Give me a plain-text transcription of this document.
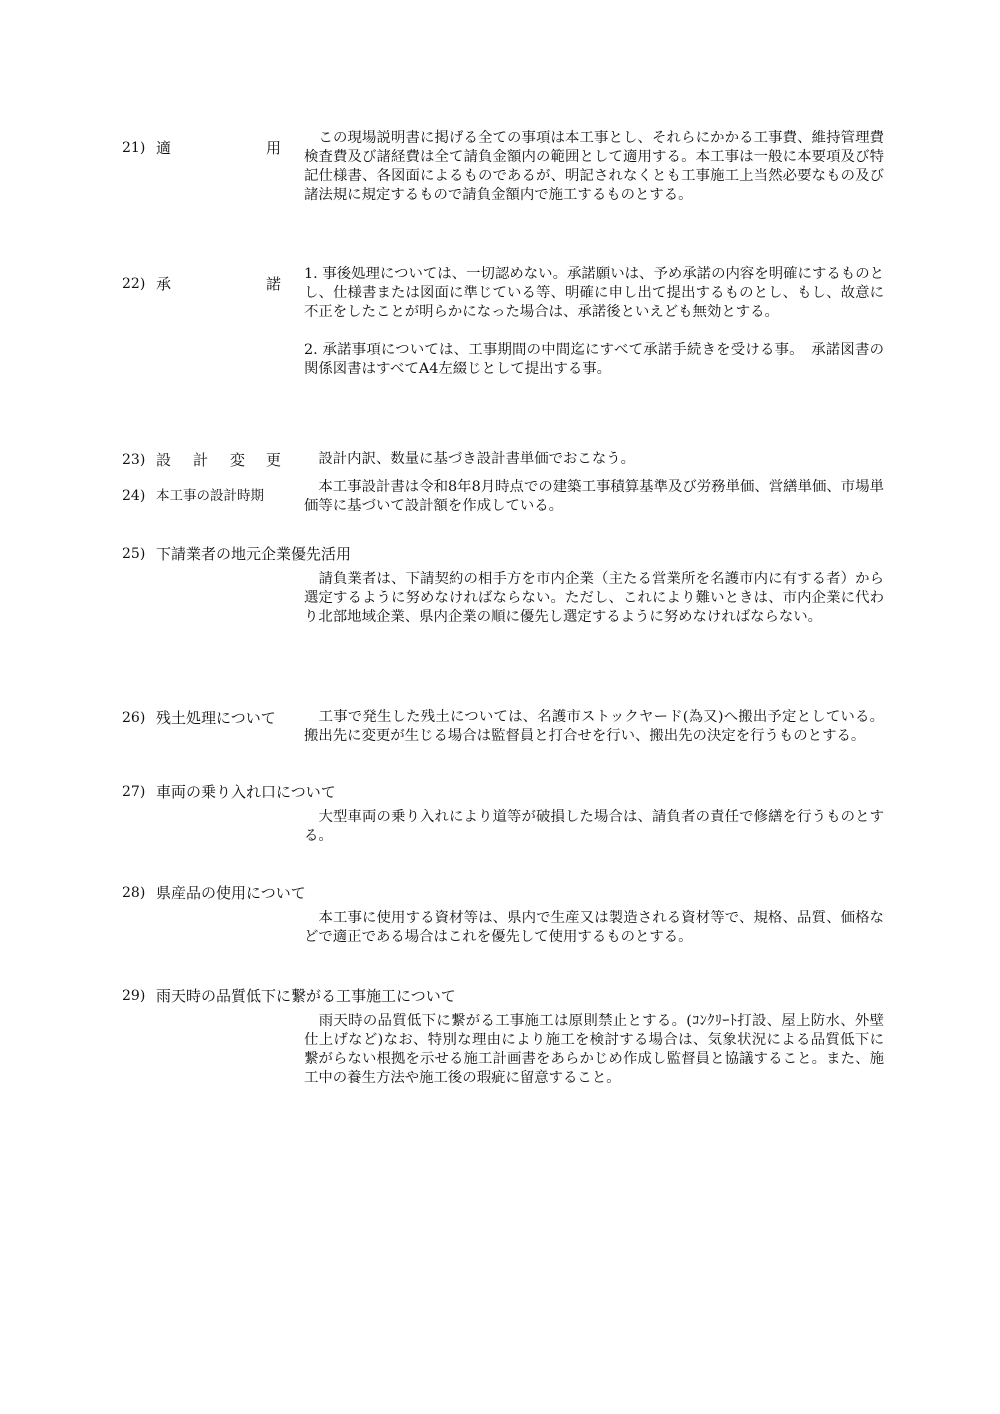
21) 適	用

　この現場説明書に掲げる全ての事項は本工事とし、それらにかかる工事費、維持管理費検査費及び諸経費は全て請負金額内の範囲として適用する。本工事は一般に本要項及び特記仕様書、各図面によるものであるが、明記されなくとも工事施工上当然必要なもの及び諸法規に規定するもので請負金額内で施工するものとする。

22) 承	諾

1. 事後処理については、一切認めない。承諾願いは、予め承諾の内容を明確にするものとし、仕様書または図面に準じている等、明確に申し出て提出するものとし、もし、故意に不正をしたことが明らかになった場合は、承諾後といえども無効とする。

2. 承諾事項については、工事期間の中間迄にすべて承諾手続きを受ける事。　承諾図書の関係図書はすべてA4左綴じとして提出する事。

23) 設 計 変 更 　設計内訳、数量に基づき設計書単価でおこなう。

24) 本工事の設計時期

　本工事設計書は令和8年8月時点での建築工事積算基準及び労務単価、営繕単価、市場単価等に基づいて設計額を作成している。

25) 下請業者の地元企業優先活用

　請負業者は、下請契約の相手方を市内企業（主たる営業所を名護市内に有する者）から選定するように努めなければならない。ただし、これにより難いときは、市内企業に代わり北部地域企業、県内企業の順に優先し選定するように努めなければならない。

26) 残土処理について 　工事で発生した残土については、名護市ストックヤード(為又)へ搬出予定としている。搬出先に変更が生じる場合は監督員と打合せを行い、搬出先の決定を行うものとする。

27) 車両の乗り入れ口について

　大型車両の乗り入れにより道等が破損した場合は、請負者の責任で修繕を行うものとする。

28) 県産品の使用について

　本工事に使用する資材等は、県内で生産又は製造される資材等で、規格、品質、価格などで適正である場合はこれを優先して使用するものとする。

29) 雨天時の品質低下に繋がる工事施工について

　雨天時の品質低下に繋がる工事施工は原則禁止とする。(ｺﾝｸﾘｰﾄ打設、屋上防水、外壁仕上げなど)なお、特別な理由により施工を検討する場合は、気象状況による品質低下に繋がらない根拠を示せる施工計画書をあらかじめ作成し監督員と協議すること。また、施工中の養生方法や施工後の瑕疵に留意すること。
